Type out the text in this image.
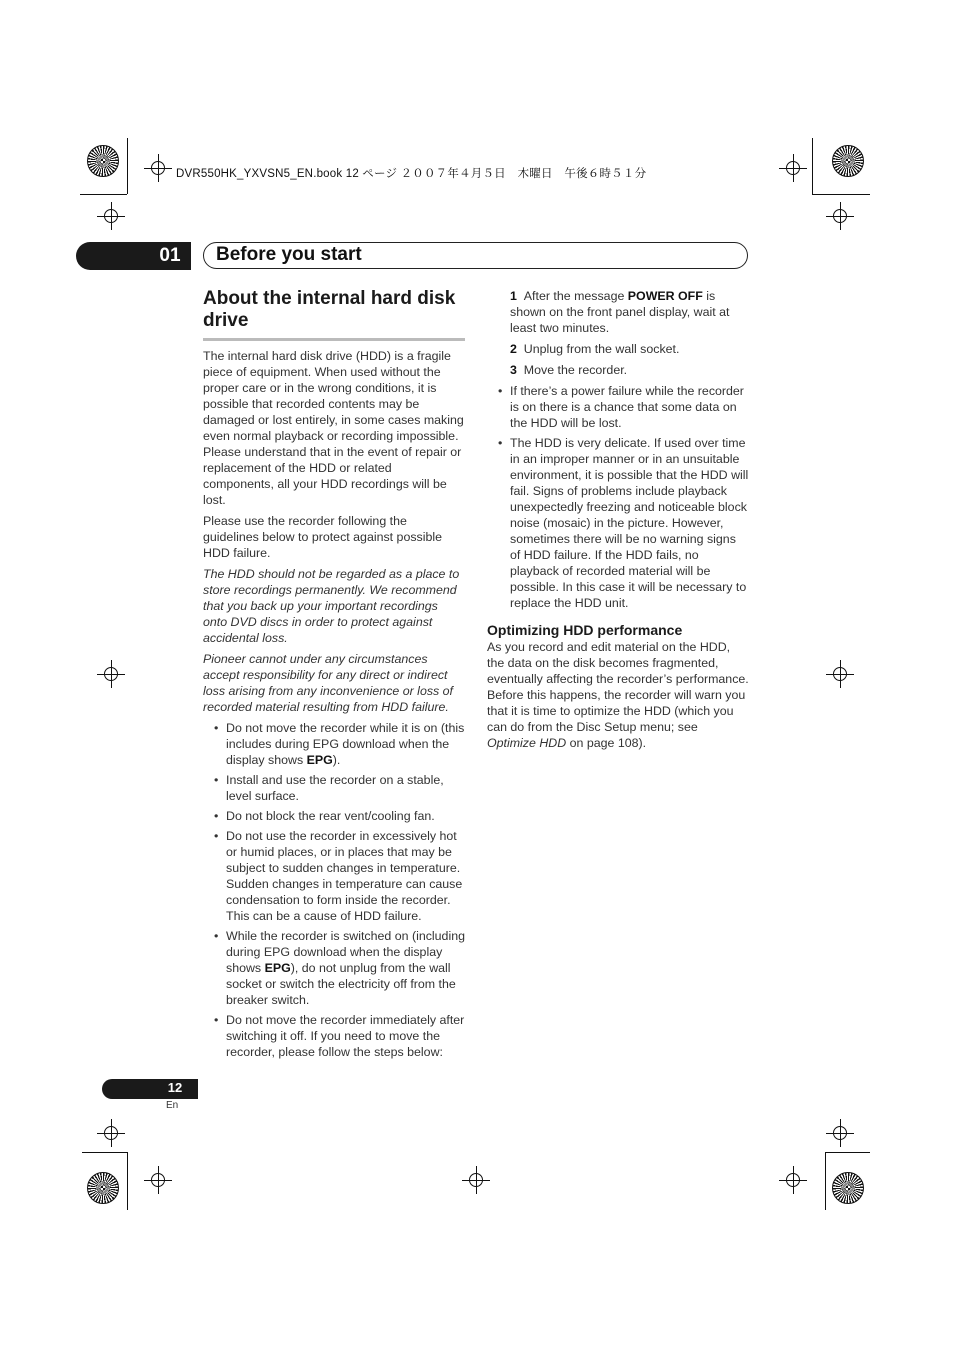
DVR550HK_YXVSN5_EN.book 12 ページ ２００７年４月５日　木曜日　午後６時５１分
01	Before you start
About the internal hard disk drive

The internal hard disk drive (HDD) is a fragile piece of equipment. When used without the proper care or in the wrong conditions, it is possible that recorded contents may be damaged or lost entirely, in some cases making even normal playback or recording impossible. Please understand that in the event of repair or replacement of the HDD or related components, all your HDD recordings will be lost.

Please use the recorder following the guidelines below to protect against possible HDD failure.

The HDD should not be regarded as a place to store recordings permanently. We recommend that you back up your important recordings onto DVD discs in order to protect against accidental loss.

Pioneer cannot under any circumstances accept responsibility for any direct or indirect loss arising from any inconvenience or loss of recorded material resulting from HDD failure.

• Do not move the recorder while it is on (this includes during EPG download when the display shows EPG).
• Install and use the recorder on a stable, level surface.
• Do not block the rear vent/cooling fan.
• Do not use the recorder in excessively hot or humid places, or in places that may be subject to sudden changes in temperature. Sudden changes in temperature can cause condensation to form inside the recorder. This can be a cause of HDD failure.
• While the recorder is switched on (including during EPG download when the display shows EPG), do not unplug from the wall socket or switch the electricity off from the breaker switch.
• Do not move the recorder immediately after switching it off. If you need to move the recorder, please follow the steps below:
1 After the message POWER OFF is shown on the front panel display, wait at least two minutes.
2 Unplug from the wall socket.
3 Move the recorder.
• If there’s a power failure while the recorder is on there is a chance that some data on the HDD will be lost.
• The HDD is very delicate. If used over time in an improper manner or in an unsuitable environment, it is possible that the HDD will fail. Signs of problems include playback unexpectedly freezing and noticeable block noise (mosaic) in the picture. However, sometimes there will be no warning signs of HDD failure. If the HDD fails, no playback of recorded material will be possible. In this case it will be necessary to replace the HDD unit.
Optimizing HDD performance

As you record and edit material on the HDD, the data on the disk becomes fragmented, eventually affecting the recorder’s performance. Before this happens, the recorder will warn you that it is time to optimize the HDD (which you can do from the Disc Setup menu; see Optimize HDD on page 108).

12
En
